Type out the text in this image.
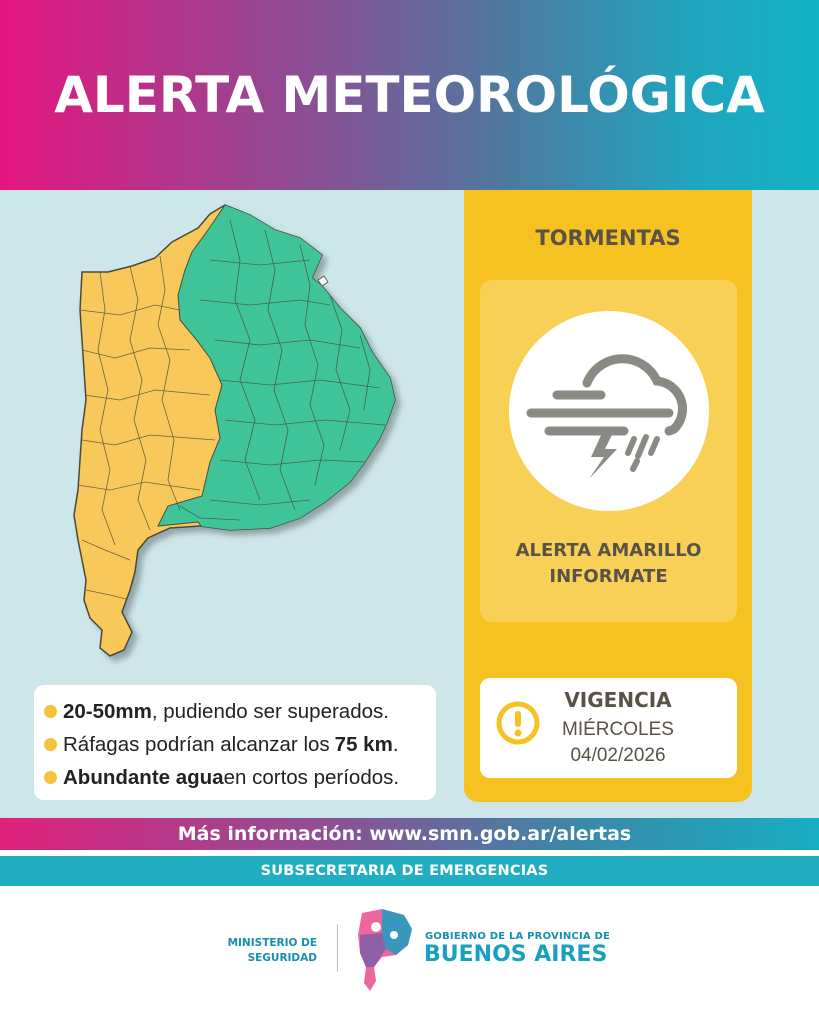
ALERTA METEOROLÓGICA
20-50mm , pudiendo ser superados.
Ráfagas podrían alcanzar los 75 km .
Abundante agua en cortos períodos.
TORMENTAS
ALERTA AMARILLO
INFORMATE
VIGENCIA
MIÉRCOLES
04/02/2026
Más información: www.smn.gob.ar/alertas
SUBSECRETARIA DE EMERGENCIAS
MINISTERIO DE
SEGURIDAD
GOBIERNO DE LA PROVINCIA DE
BUENOS AIRES
